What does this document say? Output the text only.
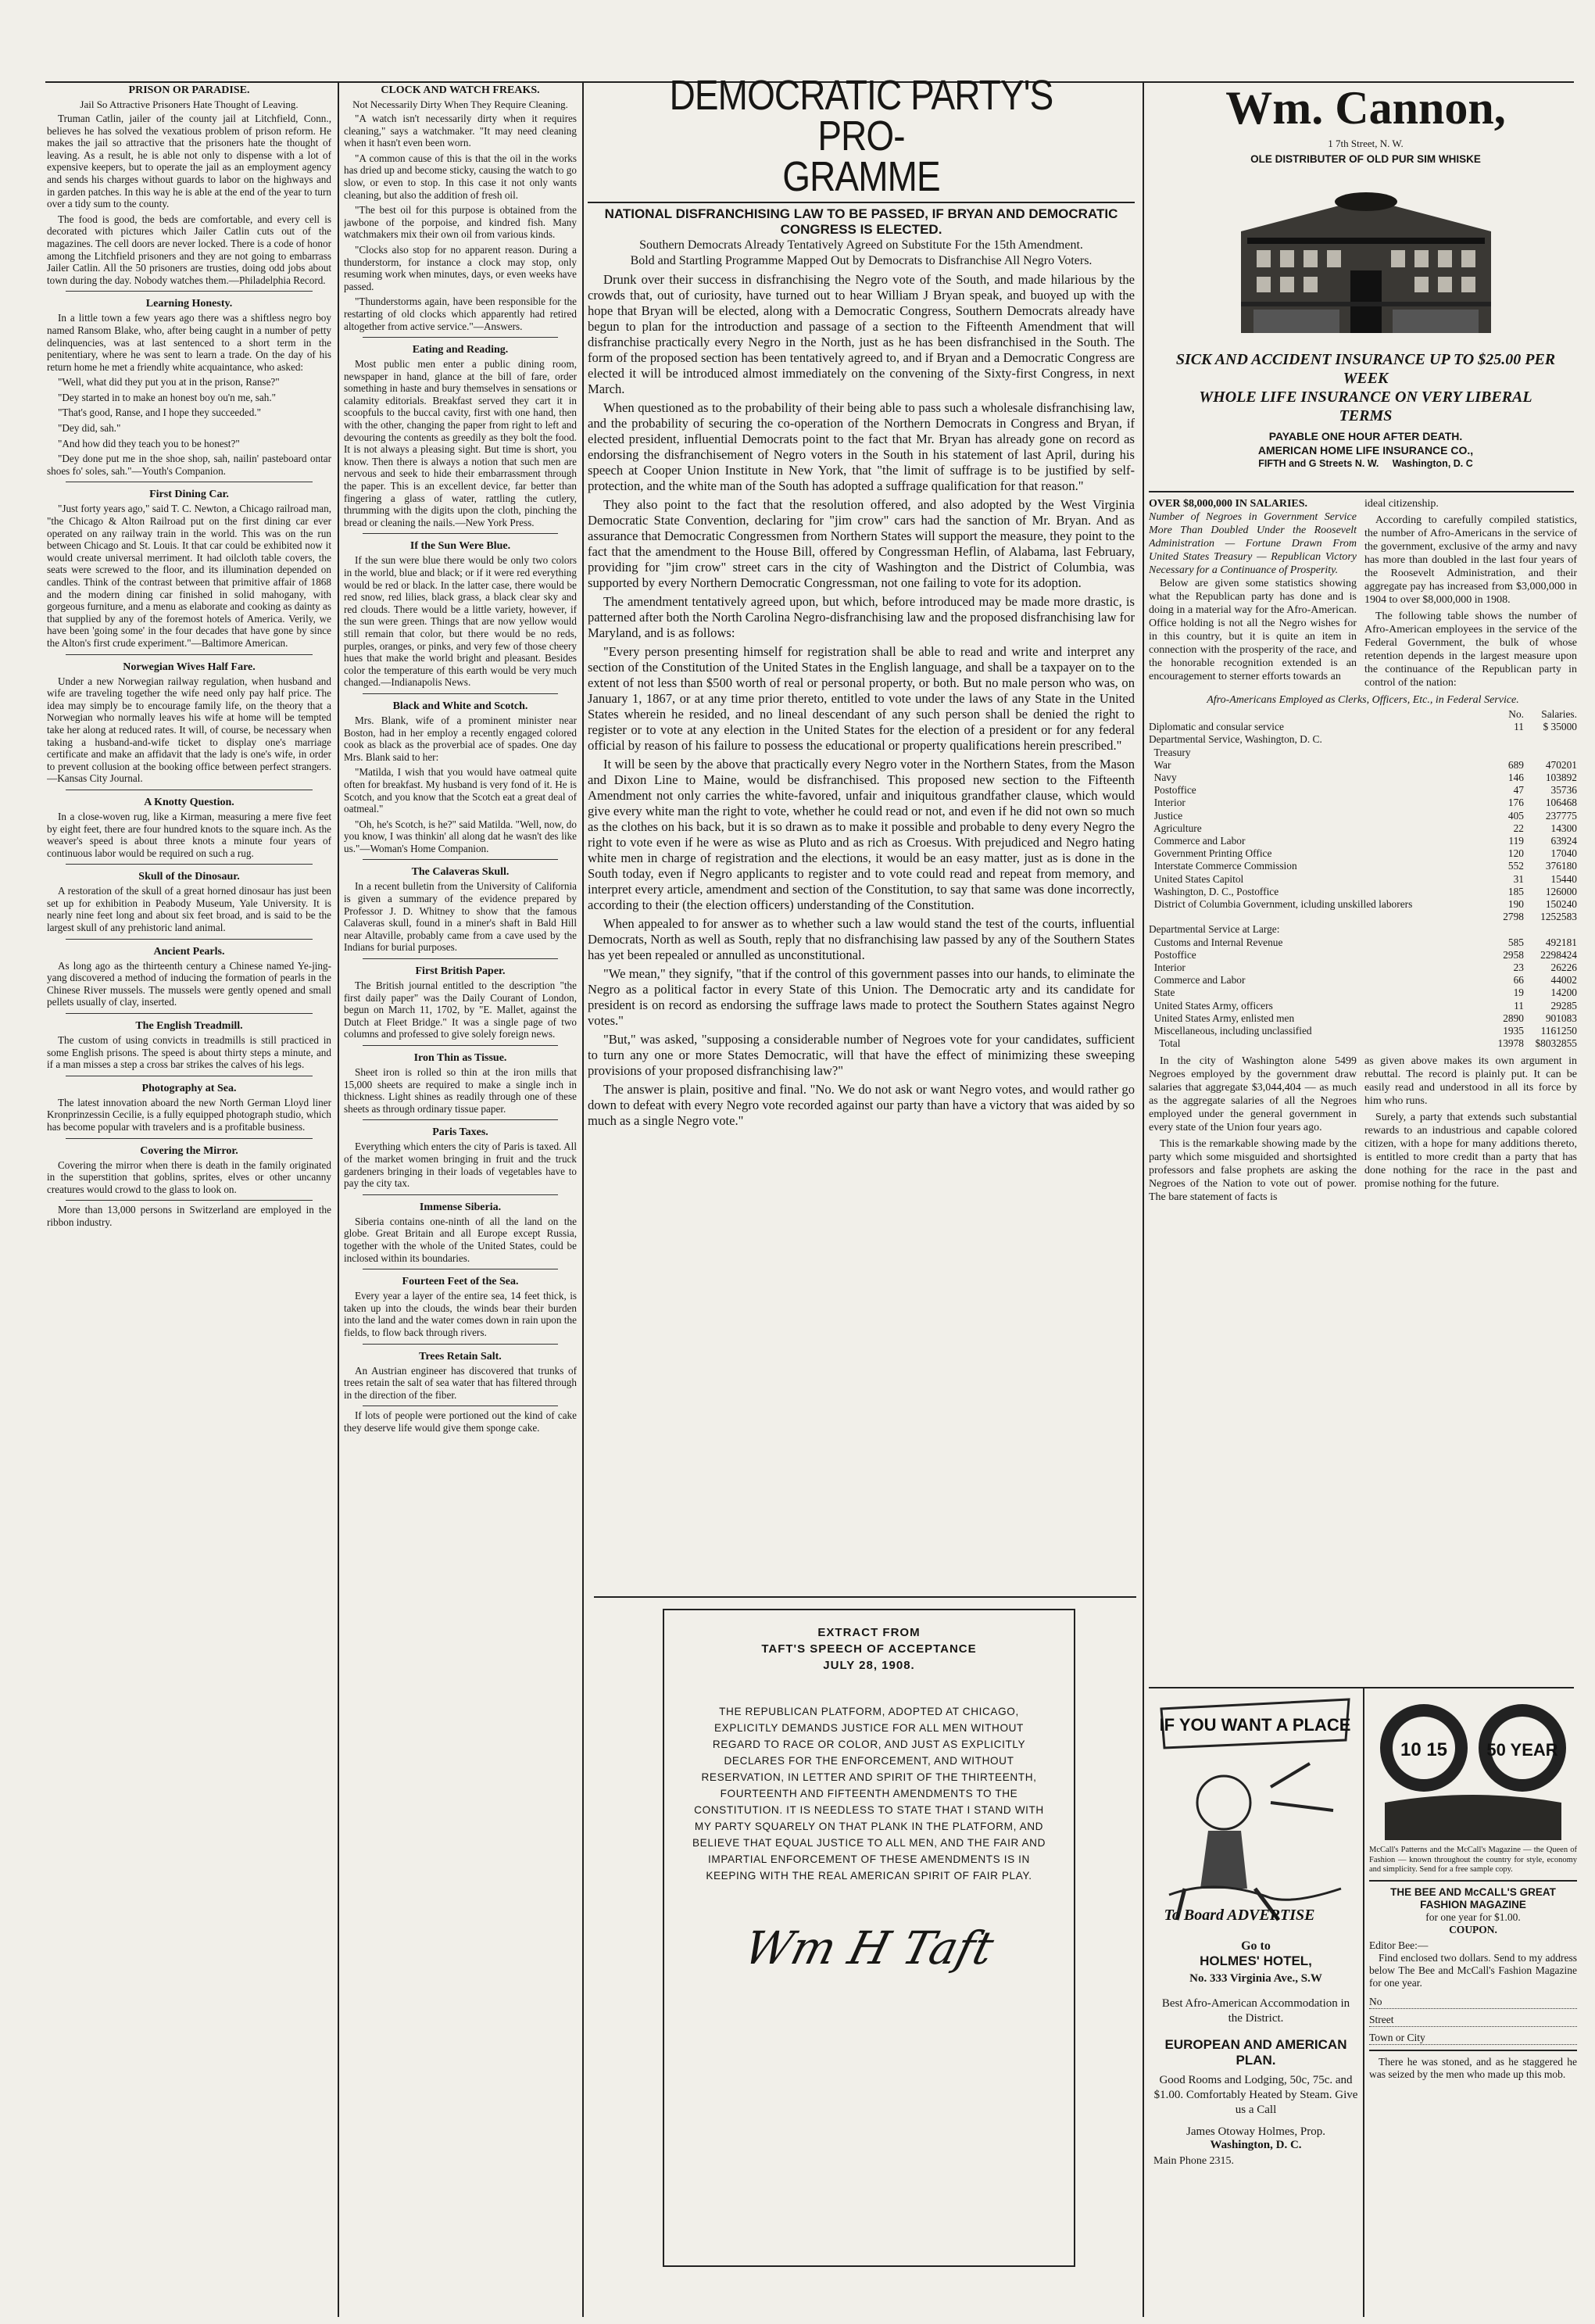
PRISON OR PARADISE.
Jail So Attractive Prisoners Hate Thought of Leaving.

Truman Catlin, jailer of the county jail at Litchfield, Conn., believes he has solved the vexatious problem of prison reform. He makes the jail so attractive that the prisoners hate the thought of leaving. As a result, he is able not only to dispense with a lot of expensive keepers, but to operate the jail as an employment agency and sends his charges without guards to labor on the highways and in garden patches. In this way he is able at the end of the year to turn over a tidy sum to the county.

The food is good, the beds are comfortable, and every cell is decorated with pictures which Jailer Catlin cuts out of the magazines. The cell doors are never locked. There is a code of honor among the Litchfield prisoners and they are not going to embarrass Jailer Catlin. All the 50 prisoners are trusties, doing odd jobs about town during the day. Nobody watches them.—Philadelphia Record.

Learning Honesty.

In a little town a few years ago there was a shiftless negro boy named Ransom Blake, who, after being caught in a number of petty delinquencies, was at last sentenced to a short term in the penitentiary, where he was sent to learn a trade. On the day of his return home he met a friendly white acquaintance, who asked:

"Well, what did they put you at in the prison, Ranse?"

"Dey started in to make an honest boy ou'n me, sah."

"That's good, Ranse, and I hope they succeeded."

"Dey did, sah."

"And how did they teach you to be honest?"

"Dey done put me in the shoe shop, sah, nailin' pasteboard ontar shoes fo' soles, sah."—Youth's Companion.

First Dining Car.

"Just forty years ago," said T. C. Newton, a Chicago railroad man, "the Chicago & Alton Railroad put on the first dining car ever operated on any railway train in the world. This was on the run between Chicago and St. Louis. It that car could be exhibited now it would create universal merriment. It had oilcloth table covers, the seats were screwed to the floor, and its illumination depended on candles. Think of the contrast between that primitive affair of 1868 and the modern dining car finished in solid mahogany, with gorgeous furniture, and a menu as elaborate and cooking as dainty as that supplied by any of the foremost hotels of America. Verily, we have been 'going some' in the four decades that have gone by since the Alton's first crude experiment."—Baltimore American.

Norwegian Wives Half Fare.

Under a new Norwegian railway regulation, when husband and wife are traveling together the wife need only pay half price. The idea may simply be to encourage family life, on the theory that a Norwegian who normally leaves his wife at home will be tempted take her along at reduced rates. It will, of course, be necessary when taking a husband-and-wife ticket to display one's marriage certificate and make an affidavit that the lady is one's wife, in order to prevent collusion at the booking office between perfect strangers.—Kansas City Journal.

A Knotty Question.

In a close-woven rug, like a Kirman, measuring a mere five feet by eight feet, there are four hundred knots to the square inch. As the weaver's speed is about three knots a minute four years of continuous labor would be required on such a rug.

Skull of the Dinosaur.

A restoration of the skull of a great horned dinosaur has just been set up for exhibition in Peabody Museum, Yale University. It is nearly nine feet long and about six feet broad, and is said to be the largest skull of any prehistoric land animal.

Ancient Pearls.

As long ago as the thirteenth century a Chinese named Ye-jing-yang discovered a method of inducing the formation of pearls in the Chinese River mussels. The mussels were gently opened and small pellets usually of clay, inserted.

The English Treadmill.

The custom of using convicts in treadmills is still practiced in some English prisons. The speed is about thirty steps a minute, and if a man misses a step a cross bar strikes the calves of his legs.

Photography at Sea.

The latest innovation aboard the new North German Lloyd liner Kronprinzessin Cecilie, is a fully equipped photograph studio, which has become popular with travelers and is a profitable business.

Covering the Mirror.

Covering the mirror when there is death in the family originated in the superstition that goblins, sprites, elves or other uncanny creatures would crowd to the glass to look on.

More than 13,000 persons in Switzerland are employed in the ribbon industry.

CLOCK AND WATCH FREAKS.
Not Necessarily Dirty When They Require Cleaning.

"A watch isn't necessarily dirty when it requires cleaning," says a watchmaker. "It may need cleaning when it hasn't even been worn.

"A common cause of this is that the oil in the works has dried up and become sticky, causing the watch to go slow, or even to stop. In this case it not only wants cleaning, but also the addition of fresh oil.

"The best oil for this purpose is obtained from the jawbone of the porpoise, and kindred fish. Many watchmakers mix their own oil from various kinds.

"Clocks also stop for no apparent reason. During a thunderstorm, for instance a clock may stop, only resuming work when minutes, days, or even weeks have passed.

"Thunderstorms again, have been responsible for the restarting of old clocks which apparently had retired altogether from active service."—Answers.

Eating and Reading.

Most public men enter a public dining room, newspaper in hand, glance at the bill of fare, order something in haste and bury themselves in sensations or calamity editorials. Breakfast served they cart it in scoopfuls to the buccal cavity, first with one hand, then with the other, changing the paper from right to left and devouring the contents as greedily as they bolt the food. It is not always a pleasing sight. But time is short, you know. Then there is always a notion that such men are nervous and seek to hide their embarrassment through the paper. This is an excellent device, far better than fingering a glass of water, rattling the cutlery, thrumming with the digits upon the cloth, pinching the bread or cleaning the nails.—New York Press.

If the Sun Were Blue.

If the sun were blue there would be only two colors in the world, blue and black; or if it were red everything would be red or black. In the latter case, there would be red snow, red lilies, black grass, a black clear sky and red clouds. There would be a little variety, however, if the sun were green. Things that are now yellow would still remain that color, but there would be no reds, purples, oranges, or pinks, and very few of those cheery hues that make the world bright and pleasant. Besides color the temperature of this earth would be very much changed.—Indianapolis News.

Black and White and Scotch.

Mrs. Blank, wife of a prominent minister near Boston, had in her employ a recently engaged colored cook as black as the proverbial ace of spades. One day Mrs. Blank said to her:

"Matilda, I wish that you would have oatmeal quite often for breakfast. My husband is very fond of it. He is Scotch, and you know that the Scotch eat a great deal of oatmeal."

"Oh, he's Scotch, is he?" said Matilda. "Well, now, do you know, I was thinkin' all along dat he wasn't des like us."—Woman's Home Companion.

The Calaveras Skull.

In a recent bulletin from the University of California is given a summary of the evidence prepared by Professor J. D. Whitney to show that the famous Calaveras skull, found in a miner's shaft in Bald Hill near Altaville, probably came from a cave used by the Indians for burial purposes.

First British Paper.

The British journal entitled to the description "the first daily paper" was the Daily Courant of London, begun on March 11, 1702, by "E. Mallet, against the Dutch at Fleet Bridge." It was a single page of two columns and professed to give solely foreign news.

Iron Thin as Tissue.

Sheet iron is rolled so thin at the iron mills that 15,000 sheets are required to make a single inch in thickness. Light shines as readily through one of these sheets as through ordinary tissue paper.

Paris Taxes.

Everything which enters the city of Paris is taxed. All of the market women bringing in fruit and the truck gardeners bringing in their loads of vegetables have to pay the city tax.

Immense Siberia.

Siberia contains one-ninth of all the land on the globe. Great Britain and all Europe except Russia, together with the whole of the United States, could be inclosed within its boundaries.

Fourteen Feet of the Sea.

Every year a layer of the entire sea, 14 feet thick, is taken up into the clouds, the winds bear their burden into the land and the water comes down in rain upon the fields, to flow back through rivers.

Trees Retain Salt.

An Austrian engineer has discovered that trunks of trees retain the salt of sea water that has filtered through in the direction of the fiber.

If lots of people were portioned out the kind of cake they deserve life would give them sponge cake.

DEMOCRATIC PARTY'S PRO-
GRAMME
NATIONAL DISFRANCHISING LAW TO BE PASSED, IF BRYAN AND DEMOCRATIC CONGRESS IS ELECTED.
Southern Democrats Already Tentatively Agreed on Substitute For the 15th Amendment.
Bold and Startling Programme Mapped Out by Democrats to Disfranchise All Negro Voters.

Drunk over their success in disfranchising the Negro vote of the South, and made hilarious by the crowds that, out of curiosity, have turned out to hear William J Bryan speak, and buoyed up with the hope that Bryan will be elected, along with a Democratic Congress, Southern Democrats already have begun to plan for the introduction and passage of a section to the Fifteenth Amendment that will disfranchise practically every Negro in the North, just as he has been disfranchised in the South. The form of the proposed section has been tentatively agreed to, and if Bryan and a Democratic Congress are elected it will be introduced almost immediately on the convening of the Sixty-first Congress, in next March.

When questioned as to the probability of their being able to pass such a wholesale disfranchising law, and the probability of securing the co-operation of the Northern Democrats in Congress and Bryan, if elected president, influential Democrats point to the fact that Mr. Bryan has already gone on record as endorsing the disfranchisement of Negro voters in the South in his statement of last April, during his speech at Cooper Union Institute in New York, that "the limit of suffrage is to be justified by self-protection, and the white man of the South has adopted a suffrage qualification for that reason."

They also point to the fact that the resolution offered, and also adopted by the West Virginia Democratic State Convention, declaring for "jim crow" cars had the sanction of Mr. Bryan. And as assurance that Democratic Congressmen from Northern States will support the measure, they point to the fact that the amendment to the House Bill, offered by Congressman Heflin, of Alabama, last February, providing for "jim crow" street cars in the city of Washington and the District of Columbia, was supported by every Northern Democratic Congressman, not one failing to vote for its adoption.

The amendment tentatively agreed upon, but which, before introduced may be made more drastic, is patterned after both the North Carolina Negro-disfranchising law and the proposed disfranchising law for Maryland, and is as follows:

"Every person presenting himself for registration shall be able to read and write and interpret any section of the Constitution of the United States in the English language, and shall be a taxpayer on to the extent of not less than $500 worth of real or personal property, or both. But no male person who was, on January 1, 1867, or at any time prior thereto, entitled to vote under the laws of any State in the United States wherein he resided, and no lineal descendant of any such person shall be denied the right to register or to vote at any election in the United States for the election of a president or for any federal official by reason of his failure to possess the educational or property qualifications herein prescribed."

It will be seen by the above that practically every Negro voter in the Northern States, from the Mason and Dixon Line to Maine, would be disfranchised. This proposed new section to the Fifteenth Amendment not only carries the white-favored, unfair and iniquitous grandfather clause, which would give every white man the right to vote, whether he could read or not, and even if he did not own so much as the clothes on his back, but it is so drawn as to make it possible and probable to deny every Negro the right to vote even if he were as wise as Pluto and as rich as Croesus. With prejudiced and Negro hating white men in charge of registration and the elections, it would be an easy matter, just as is done in the South today, even if Negro applicants to register and to vote could read and repeat from memory, and interpret every article, amendment and section of the Constitution, to say that same was done incorrectly, according to their (the election officers) understanding of the Constitution.

When appealed to for answer as to whether such a law would stand the test of the courts, influential Democrats, North as well as South, reply that no disfranchising law passed by any of the Southern States has yet been repealed or annulled as unconstitutional.

"We mean," they signify, "that if the control of this government passes into our hands, to eliminate the Negro as a political factor in every State of this Union. The Democratic arty and its candidate for president is on record as endorsing the suffrage laws made to protect the Southern States against Negro votes."

"But," was asked, "supposing a considerable number of Negroes vote for your candidates, sufficient to turn any one or more States Democratic, will that have the effect of minimizing these sweeping provisions of your proposed disfranchising law?"

The answer is plain, positive and final. "No. We do not ask or want Negro votes, and would rather go down to defeat with every Negro vote recorded against our party than have a victory that was aided by so much as a single Negro vote."

EXTRACT FROM
TAFT'S SPEECH OF ACCEPTANCE
JULY 28, 1908.
THE REPUBLICAN PLATFORM, ADOPTED AT CHICAGO, EXPLICITLY DEMANDS JUSTICE FOR ALL MEN WITHOUT REGARD TO RACE OR COLOR, AND JUST AS EXPLICITLY DECLARES FOR THE ENFORCEMENT, AND WITHOUT RESERVATION, IN LETTER AND SPIRIT OF THE THIRTEENTH, FOURTEENTH AND FIFTEENTH AMENDMENTS TO THE CONSTITUTION. IT IS NEEDLESS TO STATE THAT I STAND WITH MY PARTY SQUARELY ON THAT PLANK IN THE PLATFORM, AND BELIEVE THAT EQUAL JUSTICE TO ALL MEN, AND THE FAIR AND IMPARTIAL ENFORCEMENT OF THESE AMENDMENTS IS IN KEEPING WITH THE REAL AMERICAN SPIRIT OF FAIR PLAY.
Wm H Taft
Wm. Cannon,
1 7th Street, N. W.
OLE DISTRIBUTER OF OLD PUR SIM WHISKE
SICK AND ACCIDENT INSURANCE UP TO $25.00 PER WEEK
WHOLE LIFE INSURANCE ON VERY LIBERAL TERMS
PAYABLE ONE HOUR AFTER DEATH.
AMERICAN HOME LIFE INSURANCE CO.,
FIFTH and G Streets N. W.     Washington, D. C
OVER $8,000,000 IN SALARIES.
Number of Negroes in Government Service More Than Doubled Under the Roosevelt Administration — Fortune Drawn From United States Treasury — Republican Victory Necessary for a Continuance of Prosperity.

Below are given some statistics showing what the Republican party has done and is doing in a material way for the Afro-American. Office holding is not all the Negro wishes for in this country, but it is quite an item in connection with the prosperity of the race, and the honorable recognition extended is an encouragement to sterner efforts towards an

ideal citizenship.

According to carefully compiled statistics, the number of Afro-Americans in the service of the government, exclusive of the army and navy has more than doubled in the last four years of the Roosevelt Administration, and their aggregate pay has increased from $3,000,000 in 1904 to over $8,000,000 in 1908.

The following table shows the number of Afro-American employees in the service of the Federal Government, the bulk of whose retention depends in the largest measure upon the continuance of the Republican party in control of the nation:

Afro-Americans Employed as Clerks, Officers, Etc., in Federal Service.
No.	Salaries.
Diplomatic and consular service	11	$ 35000
Departmental Service, Washington, D. C.
Treasury
War	689	470201
Navy	146	103892
Postoffice	47	35736
Interior	176	106468
Justice	405	237775
Agriculture	22	14300
Commerce and Labor	119	63924
Government Printing Office	120	17040
Interstate Commerce Commission	552	376180
United States Capitol	31	15440
Washington, D. C., Postoffice	185	126000
District of Columbia Government, icluding unskilled laborers	190	150240
2798	1252583
Departmental Service at Large:
Customs and Internal Revenue	585	492181
Postoffice	2958	2298424
Interior	23	26226
Commerce and Labor	66	44002
State	19	14200
United States Army, officers	11	29285
United States Army, enlisted men	2890	901083
Miscellaneous, including unclassified	1935	1161250
Total	13978	$8032855

In the city of Washington alone 5499 Negroes employed by the government draw salaries that aggregate $3,044,404 — as much as the aggregate salaries of all the Negroes employed under the general government in every state of the Union four years ago.

This is the remarkable showing made by the party which some misguided and shortsighted professors and false prophets are asking the Negroes of the Nation to vote out of power. The bare statement of facts is

as given above makes its own argument in rebuttal. The record is plainly put. It can be easily read and understood in all its force by him who runs.

Surely, a party that extends such substantial rewards to an industrious and capable colored citizen, with a hope for many additions thereto, is entitled to more credit than a party that has done nothing for the race in the past and promise nothing for the future.

IF YOU WANT A PLACE
To Board ADVERTISE
Go to
HOLMES' HOTEL,
No. 333 Virginia Ave., S.W
Best Afro-American Accommodation in the District.
EUROPEAN AND AMERICAN PLAN.
Good Rooms and Lodging, 50c, 75c. and $1.00. Comfortably Heated by Steam. Give us a Call
James Otoway Holmes, Prop.
Washington, D. C.
Main Phone 2315.
10 15 50 YEAR
McCall's Patterns and the McCall's Magazine — the Queen of Fashion — known throughout the country for style, economy and simplicity. Send for a free sample copy.
THE BEE AND McCALL'S GREAT FASHION MAGAZINE
for one year for $1.00.
COUPON.
Editor Bee:—
Find enclosed two dollars. Send to my address below The Bee and McCall's Fashion Magazine for one year.
No
Street
Town or City
There he was stoned, and as he staggered he was seized by the men who made up this mob.
